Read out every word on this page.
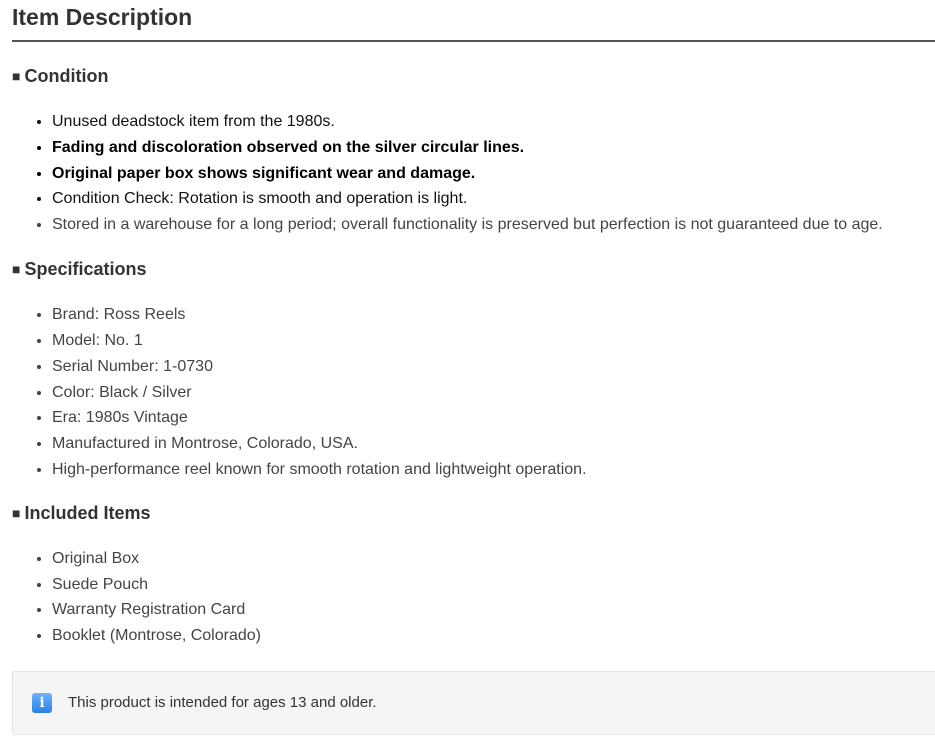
Item Description
■ Condition
• Unused deadstock item from the 1980s.
• Fading and discoloration observed on the silver circular lines.
• Original paper box shows significant wear and damage.
• Condition Check: Rotation is smooth and operation is light.
• Stored in a warehouse for a long period; overall functionality is preserved but perfection is not guaranteed due to age.
■ Specifications
• Brand: Ross Reels
• Model: No. 1
• Serial Number: 1-0730
• Color: Black / Silver
• Era: 1980s Vintage
• Manufactured in Montrose, Colorado, USA.
• High-performance reel known for smooth rotation and lightweight operation.
■ Included Items
• Original Box
• Suede Pouch
• Warranty Registration Card
• Booklet (Montrose, Colorado)
i	This product is intended for ages 13 and older.
